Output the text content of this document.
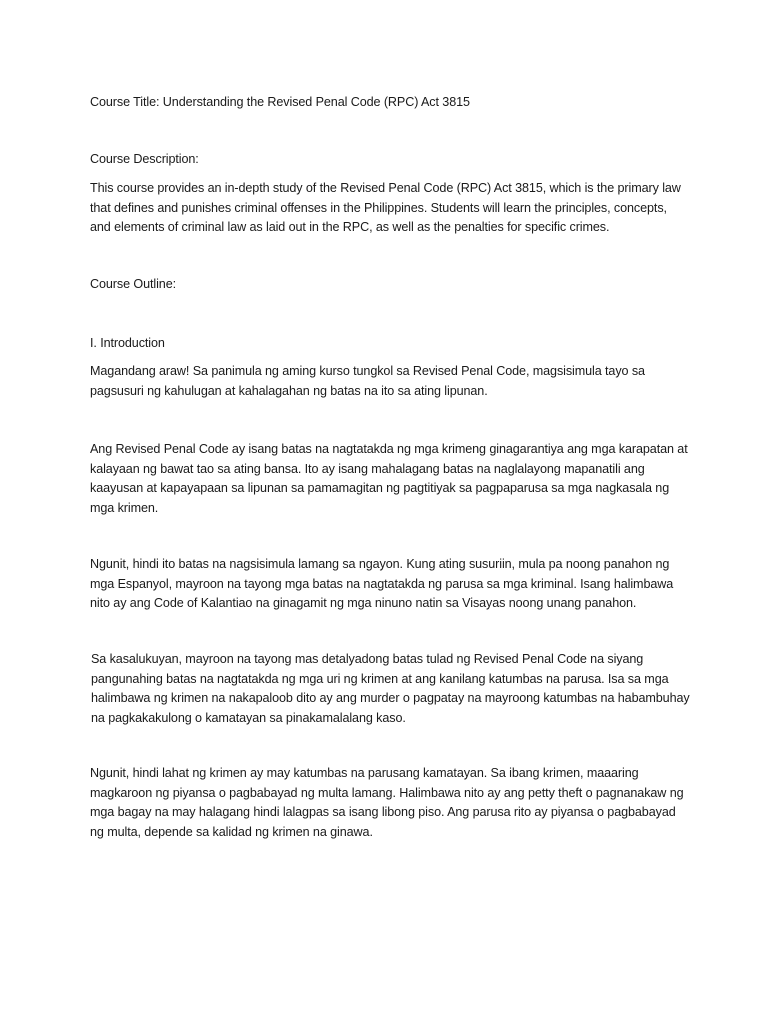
Course Title: Understanding the Revised Penal Code (RPC) Act 3815

Course Description:

This course provides an in-depth study of the Revised Penal Code (RPC) Act 3815, which is the primary law that defines and punishes criminal offenses in the Philippines. Students will learn the principles, concepts, and elements of criminal law as laid out in the RPC, as well as the penalties for specific crimes.

Course Outline:

I. Introduction

Magandang araw! Sa panimula ng aming kurso tungkol sa Revised Penal Code, magsisimula tayo sa pagsusuri ng kahulugan at kahalagahan ng batas na ito sa ating lipunan.

Ang Revised Penal Code ay isang batas na nagtatakda ng mga krimeng ginagarantiya ang mga karapatan at kalayaan ng bawat tao sa ating bansa. Ito ay isang mahalagang batas na naglalayong mapanatili ang kaayusan at kapayapaan sa lipunan sa pamamagitan ng pagtitiyak sa pagpaparusa sa mga nagkasala ng mga krimen.

Ngunit, hindi ito batas na nagsisimula lamang sa ngayon. Kung ating susuriin, mula pa noong panahon ng mga Espanyol, mayroon na tayong mga batas na nagtatakda ng parusa sa mga kriminal. Isang halimbawa nito ay ang Code of Kalantiao na ginagamit ng mga ninuno natin sa Visayas noong unang panahon.

Sa kasalukuyan, mayroon na tayong mas detalyadong batas tulad ng Revised Penal Code na siyang pangunahing batas na nagtatakda ng mga uri ng krimen at ang kanilang katumbas na parusa. Isa sa mga halimbawa ng krimen na nakapaloob dito ay ang murder o pagpatay na mayroong katumbas na habambuhay na pagkakakulong o kamatayan sa pinakamalalang kaso.

Ngunit, hindi lahat ng krimen ay may katumbas na parusang kamatayan. Sa ibang krimen, maaaring magkaroon ng piyansa o pagbabayad ng multa lamang. Halimbawa nito ay ang petty theft o pagnanakaw ng mga bagay na may halagang hindi lalagpas sa isang libong piso. Ang parusa rito ay piyansa o pagbabayad ng multa, depende sa kalidad ng krimen na ginawa.
